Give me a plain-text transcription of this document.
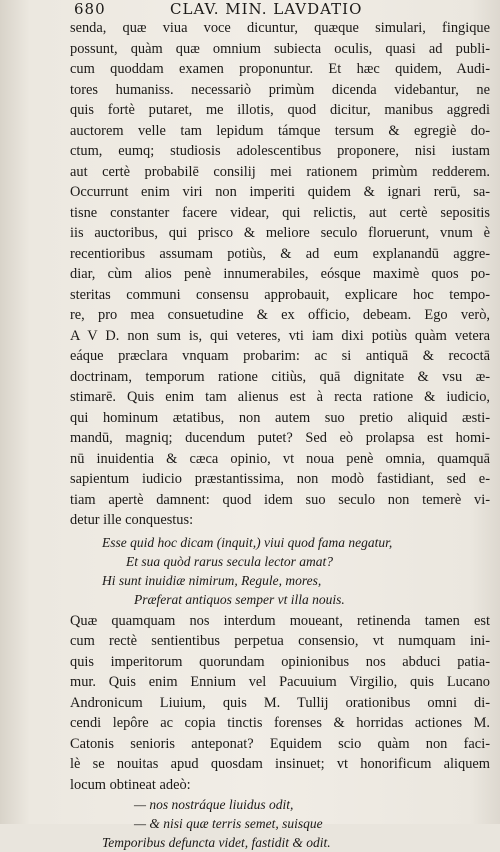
680	CLAV. MIN. LAVDATIO
senda, quæ viua voce dicuntur, quæque simulari, fingique
possunt, quàm quæ omnium subiecta oculis, quasi ad publi-
cum quoddam examen proponuntur. Et hæc quidem, Audi-
tores humaniss. necessariò primùm dicenda videbantur, ne
quis fortè putaret, me illotis, quod dicitur, manibus aggredi
auctorem velle tam lepidum támque tersum & egregiè do-
ctum, eumq; studiosis adolescentibus proponere, nisi iustam
aut certè probabilē consilij mei rationem primùm redderem.
Occurrunt enim viri non imperiti quidem & ignari rerū, sa-
tisne constanter facere videar, qui relictis, aut certè sepositis
iis auctoribus, qui prisco & meliore seculo floruerunt, vnum è
recentioribus assumam potiùs, & ad eum explanandū aggre-
diar, cùm alios penè innumerabiles, eósque maximè quos po-
steritas communi consensu approbauit, explicare hoc tempo-
re, pro mea consuetudine & ex officio, debeam. Ego verò,
A V D. non sum is, qui veteres, vti iam dixi potiùs quàm vetera
eáque præclara vnquam probarim: ac si antiquā & recoctā
doctrinam, temporum ratione citiùs, quā dignitate & vsu æ-
stimarē. Quis enim tam alienus est à recta ratione & iudicio,
qui hominum ætatibus, non autem suo pretio aliquid æsti-
mandū, magniq; ducendum putet? Sed eò prolapsa est homi-
nū inuidentia & cæca opinio, vt noua penè omnia, quamquā
sapientum iudicio præstantissima, non modò fastidiant, sed e-
tiam apertè damnent: quod idem suo seculo non temerè vi-
detur ille conquestus:
Esse quid hoc dicam (inquit,) viui quod fama negatur,
Et sua quòd rarus secula lector amat?
Hi sunt inuidiæ nimirum, Regule, mores,
Præferat antiquos semper vt illa nouis.
Quæ quamquam nos interdum moueant, retinenda tamen est
cum rectè sentientibus perpetua consensio, vt numquam ini-
quis imperitorum quorundam opinionibus nos abduci patia-
mur. Quis enim Ennium vel Pacuuium Virgilio, quis Lucano
Andronicum Liuium, quis M. Tullij orationibus omni di-
cendi lepôre ac copia tinctis forenses & horridas actiones M.
Catonis senioris anteponat? Equidem scio quàm non faci-
lè se nouitas apud quosdam insinuet; vt honorificum aliquem
locum obtineat adeò:
— nos nostráque liuidus odit,
— & nisi quæ terris semet, suisque
Temporibus defuncta videt, fastidit & odit.
